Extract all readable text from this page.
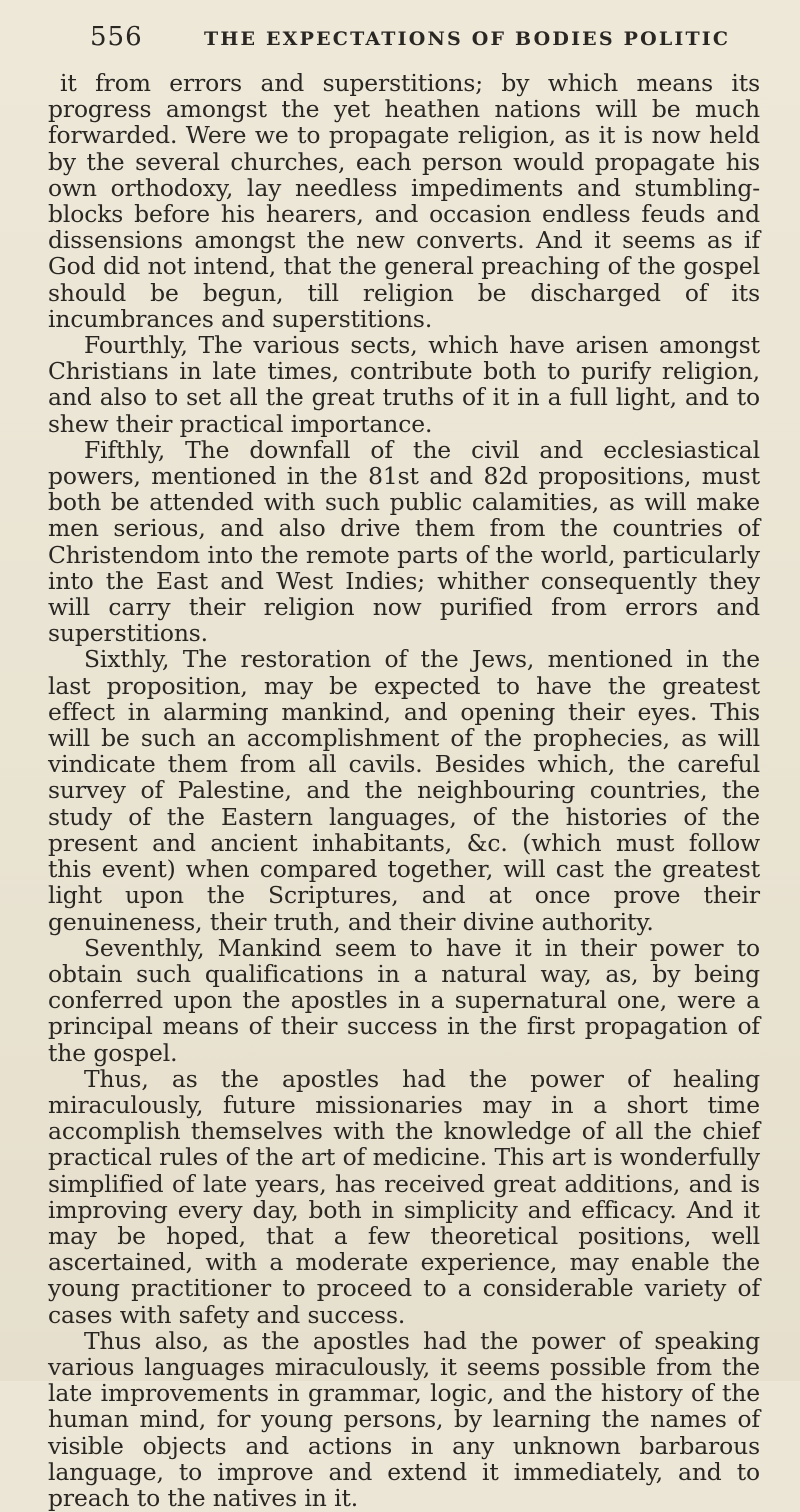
556	THE EXPECTATIONS OF BODIES POLITIC

it from errors and superstitions; by which means its progress amongst the yet heathen nations will be much forwarded. Were we to propagate religion, as it is now held by the several churches, each person would propagate his own orthodoxy, lay needless impediments and stumbling-blocks before his hearers, and occasion endless feuds and dissensions amongst the new converts. And it seems as if God did not intend, that the general preaching of the gospel should be begun, till religion be discharged of its incumbrances and superstitions.

Fourthly, The various sects, which have arisen amongst Christians in late times, contribute both to purify religion, and also to set all the great truths of it in a full light, and to shew their practical importance.

Fifthly, The downfall of the civil and ecclesiastical powers, mentioned in the 81st and 82d propositions, must both be attended with such public calamities, as will make men serious, and also drive them from the countries of Christendom into the remote parts of the world, particularly into the East and West Indies; whither consequently they will carry their religion now purified from errors and superstitions.

Sixthly, The restoration of the Jews, mentioned in the last proposition, may be expected to have the greatest effect in alarming mankind, and opening their eyes. This will be such an accomplishment of the prophecies, as will vindicate them from all cavils. Besides which, the careful survey of Palestine, and the neighbouring countries, the study of the Eastern languages, of the histories of the present and ancient inhabitants, &c. (which must follow this event) when compared together, will cast the greatest light upon the Scriptures, and at once prove their genuineness, their truth, and their divine authority.

Seventhly, Mankind seem to have it in their power to obtain such qualifications in a natural way, as, by being conferred upon the apostles in a supernatural one, were a principal means of their success in the first propagation of the gospel.

Thus, as the apostles had the power of healing miraculously, future missionaries may in a short time accomplish themselves with the knowledge of all the chief practical rules of the art of medicine. This art is wonderfully simplified of late years, has received great additions, and is improving every day, both in simplicity and efficacy. And it may be hoped, that a few theoretical positions, well ascertained, with a moderate experience, may enable the young practitioner to proceed to a considerable variety of cases with safety and success.

Thus also, as the apostles had the power of speaking various languages miraculously, it seems possible from the late improvements in grammar, logic, and the history of the human mind, for young persons, by learning the names of visible objects and actions in any unknown barbarous language, to improve and extend it immediately, and to preach to the natives in it.
